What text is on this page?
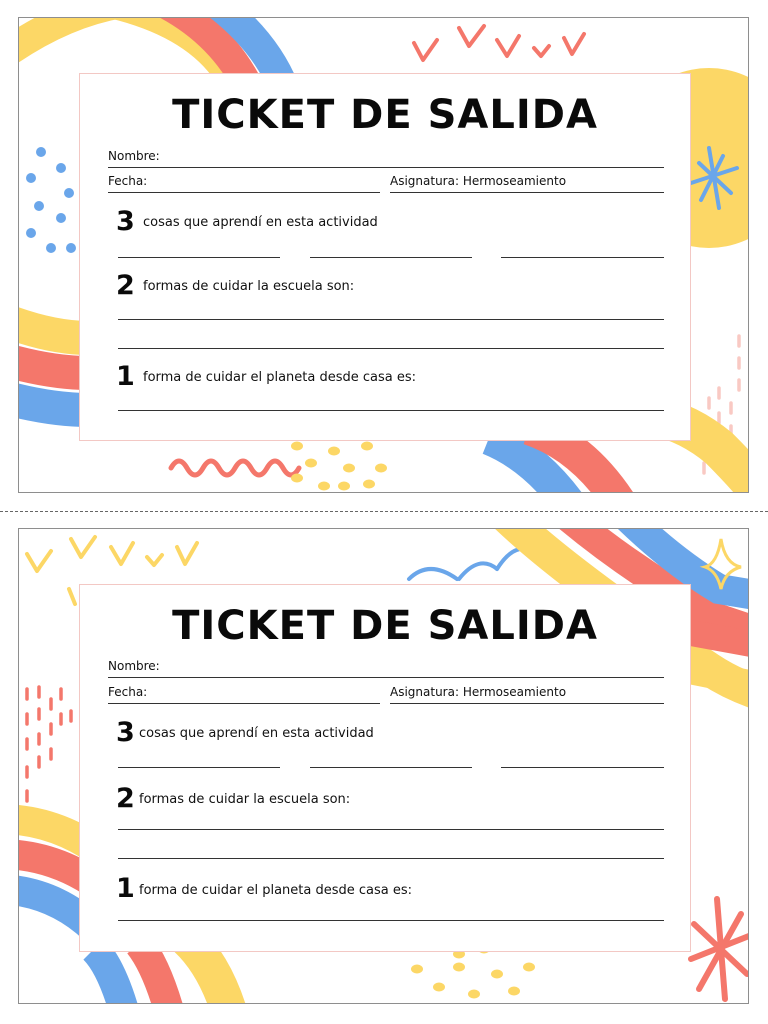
TICKET DE SALIDA
Nombre:
Fecha:	Asignatura: Hermoseamiento
3 cosas que aprendí en esta actividad
2 formas de cuidar la escuela son:
1 forma de cuidar el planeta desde casa es:
TICKET DE SALIDA
Nombre:
Fecha:	Asignatura: Hermoseamiento
3 cosas que aprendí en esta actividad
2 formas de cuidar la escuela son:
1 forma de cuidar el planeta desde casa es:
